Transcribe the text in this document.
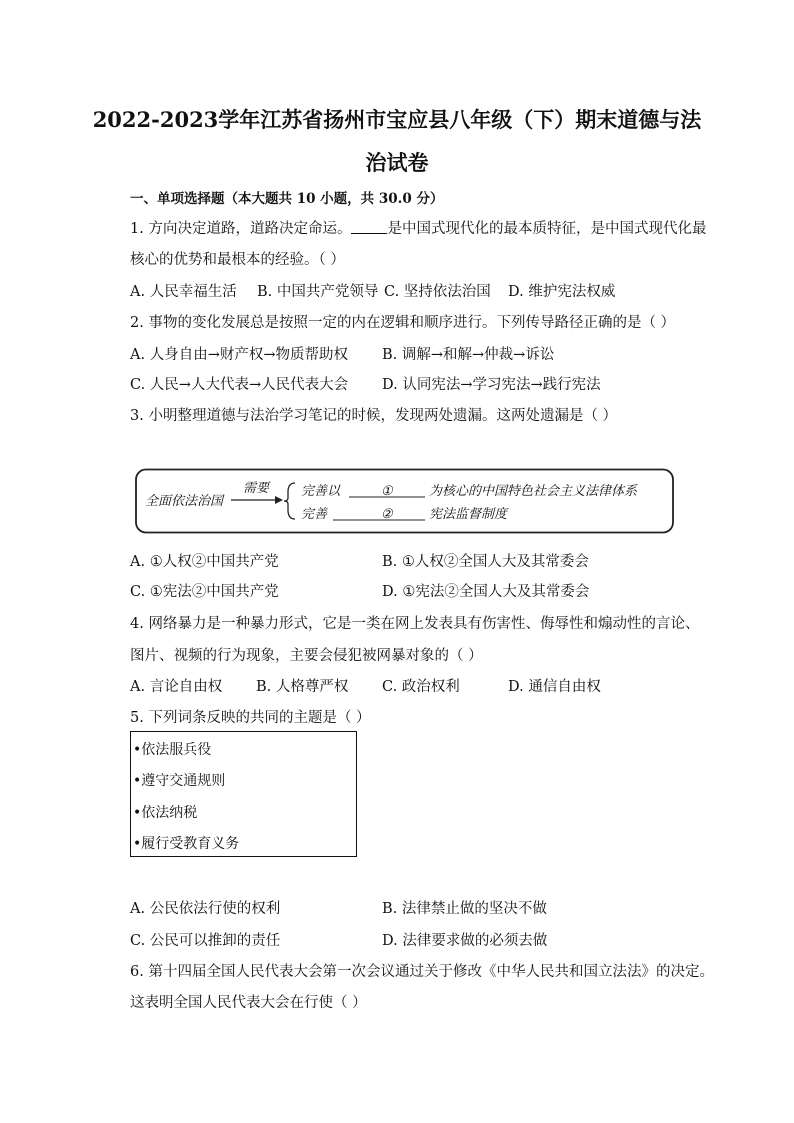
2022-2023学年江苏省扬州市宝应县八年级（下）期末道德与法
治试卷
一、单项选择题（本大题共 10 小题，共 30.0 分）
1. 方向决定道路，道路决定命运。 是中国式现代化的最本质特征，是中国式现代化最
核心的优势和最根本的经验。（ ）
A. 人民幸福生活 B. 中国共产党领导 C. 坚持依法治国 D. 维护宪法权威
2. 事物的变化发展总是按照一定的内在逻辑和顺序进行。下列传导路径正确的是（ ）
A. 人身自由→财产权→物质帮助权 B. 调解→和解→仲裁→诉讼
C. 人民→人大代表→人民代表大会 D. 认同宪法→学习宪法→践行宪法
3. 小明整理道德与法治学习笔记的时候，发现两处遗漏。这两处遗漏是（ ）
全面依法治国
需要 完善以	①	为核心的中国特色社会主义法律体系
完善	②	宪法监督制度
A. ①人权②中国共产党	B. ①人权②全国人大及其常委会
C. ①宪法②中国共产党	D. ①宪法②全国人大及其常委会
4. 网络暴力是一种暴力形式，它是一类在网上发表具有伤害性、侮辱性和煽动性的言论、
图片、视频的行为现象，主要会侵犯被网暴对象的（ ）
A. 言论自由权 B. 人格尊严权 C. 政治权利	D. 通信自由权
5. 下列词条反映的共同的主题是（ ）
•依法服兵役
•遵守交通规则
•依法纳税
•履行受教育义务
A. 公民依法行使的权利	B. 法律禁止做的坚决不做
C. 公民可以推卸的责任	D. 法律要求做的必须去做
6. 第十四届全国人民代表大会第一次会议通过关于修改《中华人民共和国立法法》的决定。
这表明全国人民代表大会在行使（ ）
